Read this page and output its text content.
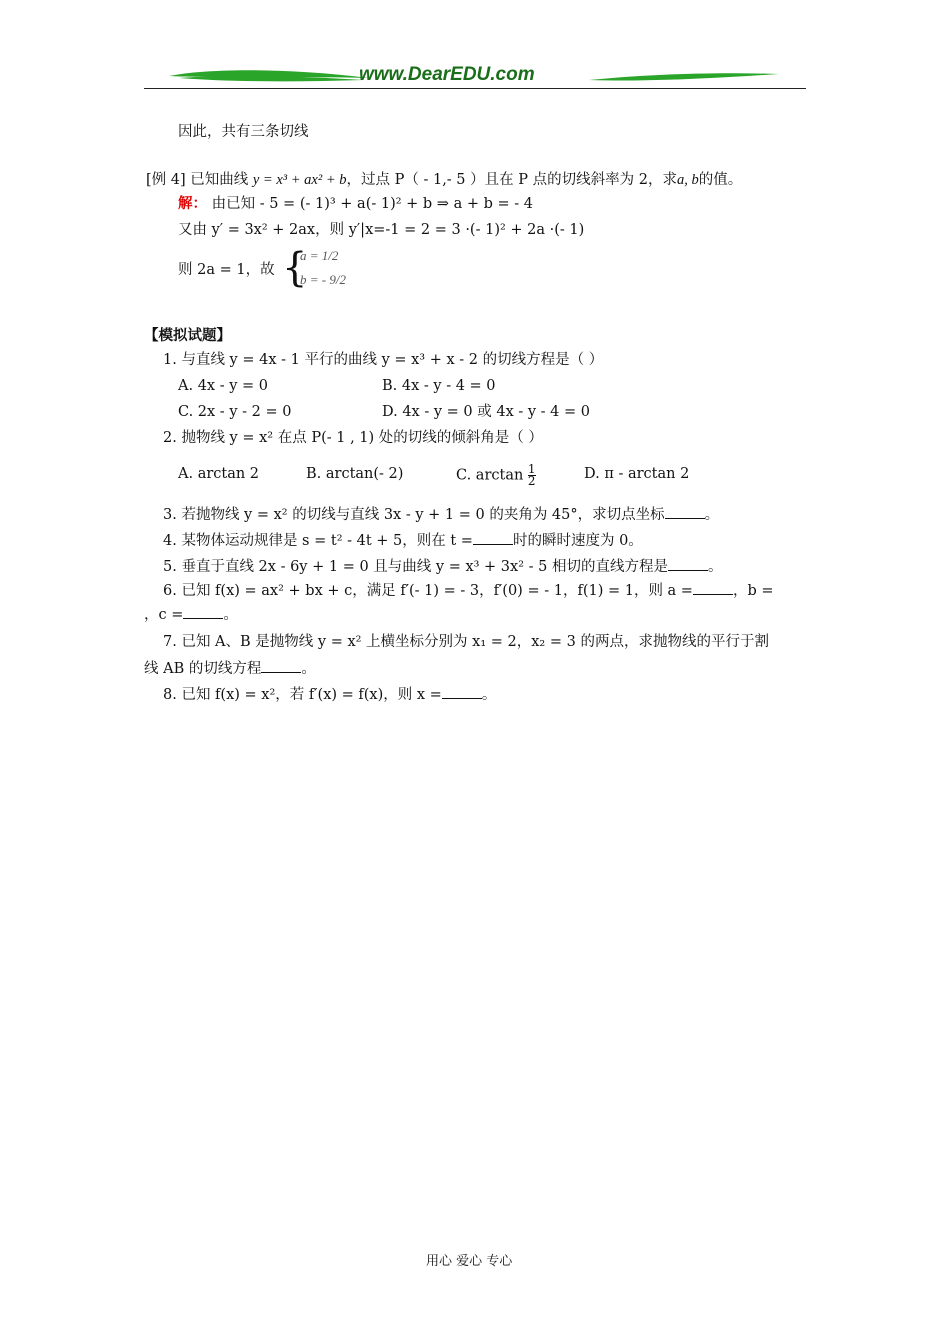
www.DearEDU.com
因此，共有三条切线
[例 4] 已知曲线 y = x³ + ax² + b，过点 P（ - 1,- 5 ）且在 P 点的切线斜率为 2，求a, b的值。
解： 由已知 - 5 = (- 1)³ + a(- 1)² + b ⇒ a + b = - 4
又由 y′ = 3x² + 2ax，则 y′|x=-1 = 2 = 3 ·(- 1)² + 2a ·(- 1)
则 2a = 1，故 {
a = 1/2
b = - 9/2
【模拟试题】
1. 与直线 y = 4x - 1 平行的曲线 y = x³ + x - 2 的切线方程是（ ）
A. 4x - y = 0	B. 4x - y - 4 = 0
C. 2x - y - 2 = 0	D. 4x - y = 0 或 4x - y - 4 = 0
2. 抛物线 y = x² 在点 P(- 1 , 1) 处的切线的倾斜角是（ ）
A. arctan 2	B. arctan(- 2)	C. $\arctan \frac{1}{2}$	D. π - arctan 2
3. 若抛物线 y = x² 的切线与直线 3x - y + 1 = 0 的夹角为 45°，求切点坐标	。
4. 某物体运动规律是 s = t² - 4t + 5，则在 t =	时的瞬时速度为 0。
5. 垂直于直线 2x - 6y + 1 = 0 且与曲线 y = x³ + 3x² - 5 相切的直线方程是	。
6. 已知 f(x) = ax² + bx + c，满足 f′(- 1) = - 3，f′(0) = - 1，f(1) = 1，则 a =	，b =
，c =	。
7. 已知 A、B 是抛物线 y = x² 上横坐标分别为 x₁ = 2，x₂ = 3 的两点，求抛物线的平行于割
线 AB 的切线方程	。
8. 已知 f(x) = x²，若 f′(x) = f(x)，则 x =	。
用心 爱心 专心
